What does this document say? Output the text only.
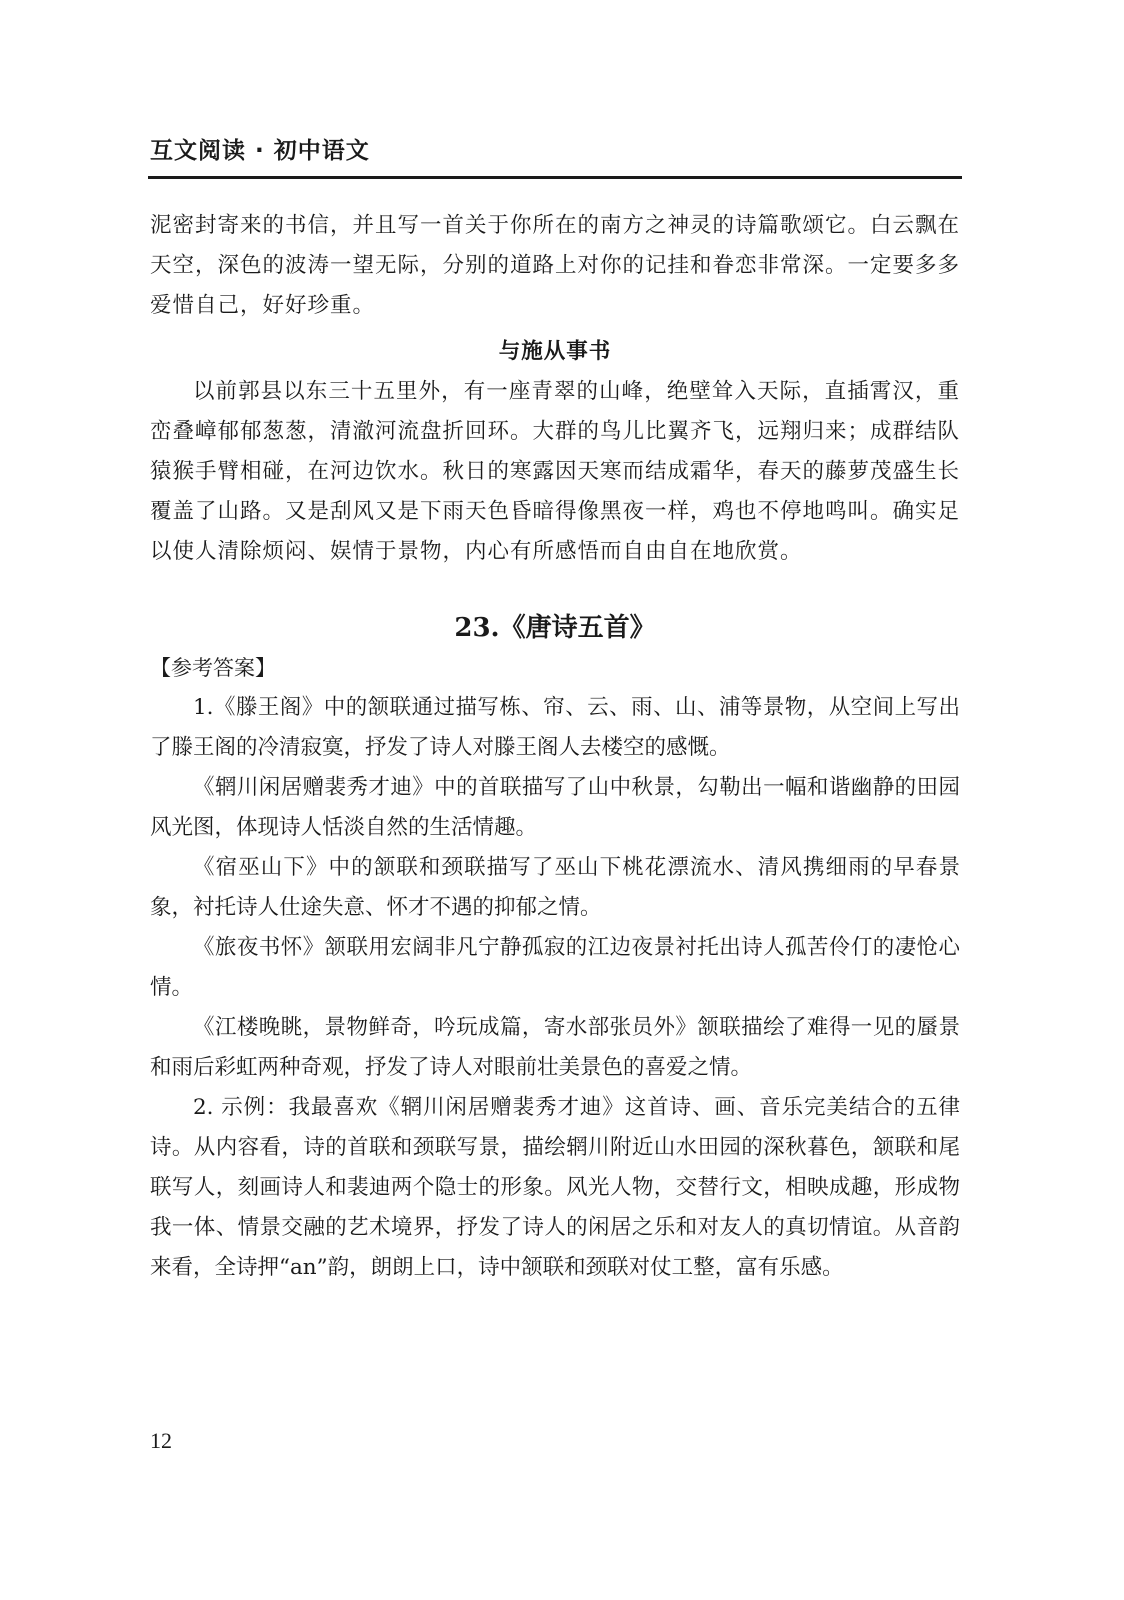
互文阅读 · 初中语文

泥密封寄来的书信，并且写一首关于你所在的南方之神灵的诗篇歌颂它。白云飘在天空，深色的波涛一望无际，分别的道路上对你的记挂和眷恋非常深。一定要多多爱惜自己，好好珍重。

与施从事书

以前郭县以东三十五里外，有一座青翠的山峰，绝壁耸入天际，直插霄汉，重峦叠嶂郁郁葱葱，清澈河流盘折回环。大群的鸟儿比翼齐飞，远翔归来；成群结队猿猴手臂相碰，在河边饮水。秋日的寒露因天寒而结成霜华，春天的藤萝茂盛生长覆盖了山路。又是刮风又是下雨天色昏暗得像黑夜一样，鸡也不停地鸣叫。确实足以使人清除烦闷、娱情于景物，内心有所感悟而自由自在地欣赏。

23.《唐诗五首》
【参考答案】

1.《滕王阁》中的颔联通过描写栋、帘、云、雨、山、浦等景物，从空间上写出了滕王阁的冷清寂寞，抒发了诗人对滕王阁人去楼空的感慨。

《辋川闲居赠裴秀才迪》中的首联描写了山中秋景，勾勒出一幅和谐幽静的田园风光图，体现诗人恬淡自然的生活情趣。

《宿巫山下》中的颔联和颈联描写了巫山下桃花漂流水、清风携细雨的早春景象，衬托诗人仕途失意、怀才不遇的抑郁之情。

《旅夜书怀》颔联用宏阔非凡宁静孤寂的江边夜景衬托出诗人孤苦伶仃的凄怆心情。

《江楼晚眺，景物鲜奇，吟玩成篇，寄水部张员外》颔联描绘了难得一见的蜃景和雨后彩虹两种奇观，抒发了诗人对眼前壮美景色的喜爱之情。

2. 示例：我最喜欢《辋川闲居赠裴秀才迪》这首诗、画、音乐完美结合的五律诗。从内容看，诗的首联和颈联写景，描绘辋川附近山水田园的深秋暮色，颔联和尾联写人，刻画诗人和裴迪两个隐士的形象。风光人物，交替行文，相映成趣，形成物我一体、情景交融的艺术境界，抒发了诗人的闲居之乐和对友人的真切情谊。从音韵来看，全诗押“an”韵，朗朗上口，诗中颔联和颈联对仗工整，富有乐感。

12
